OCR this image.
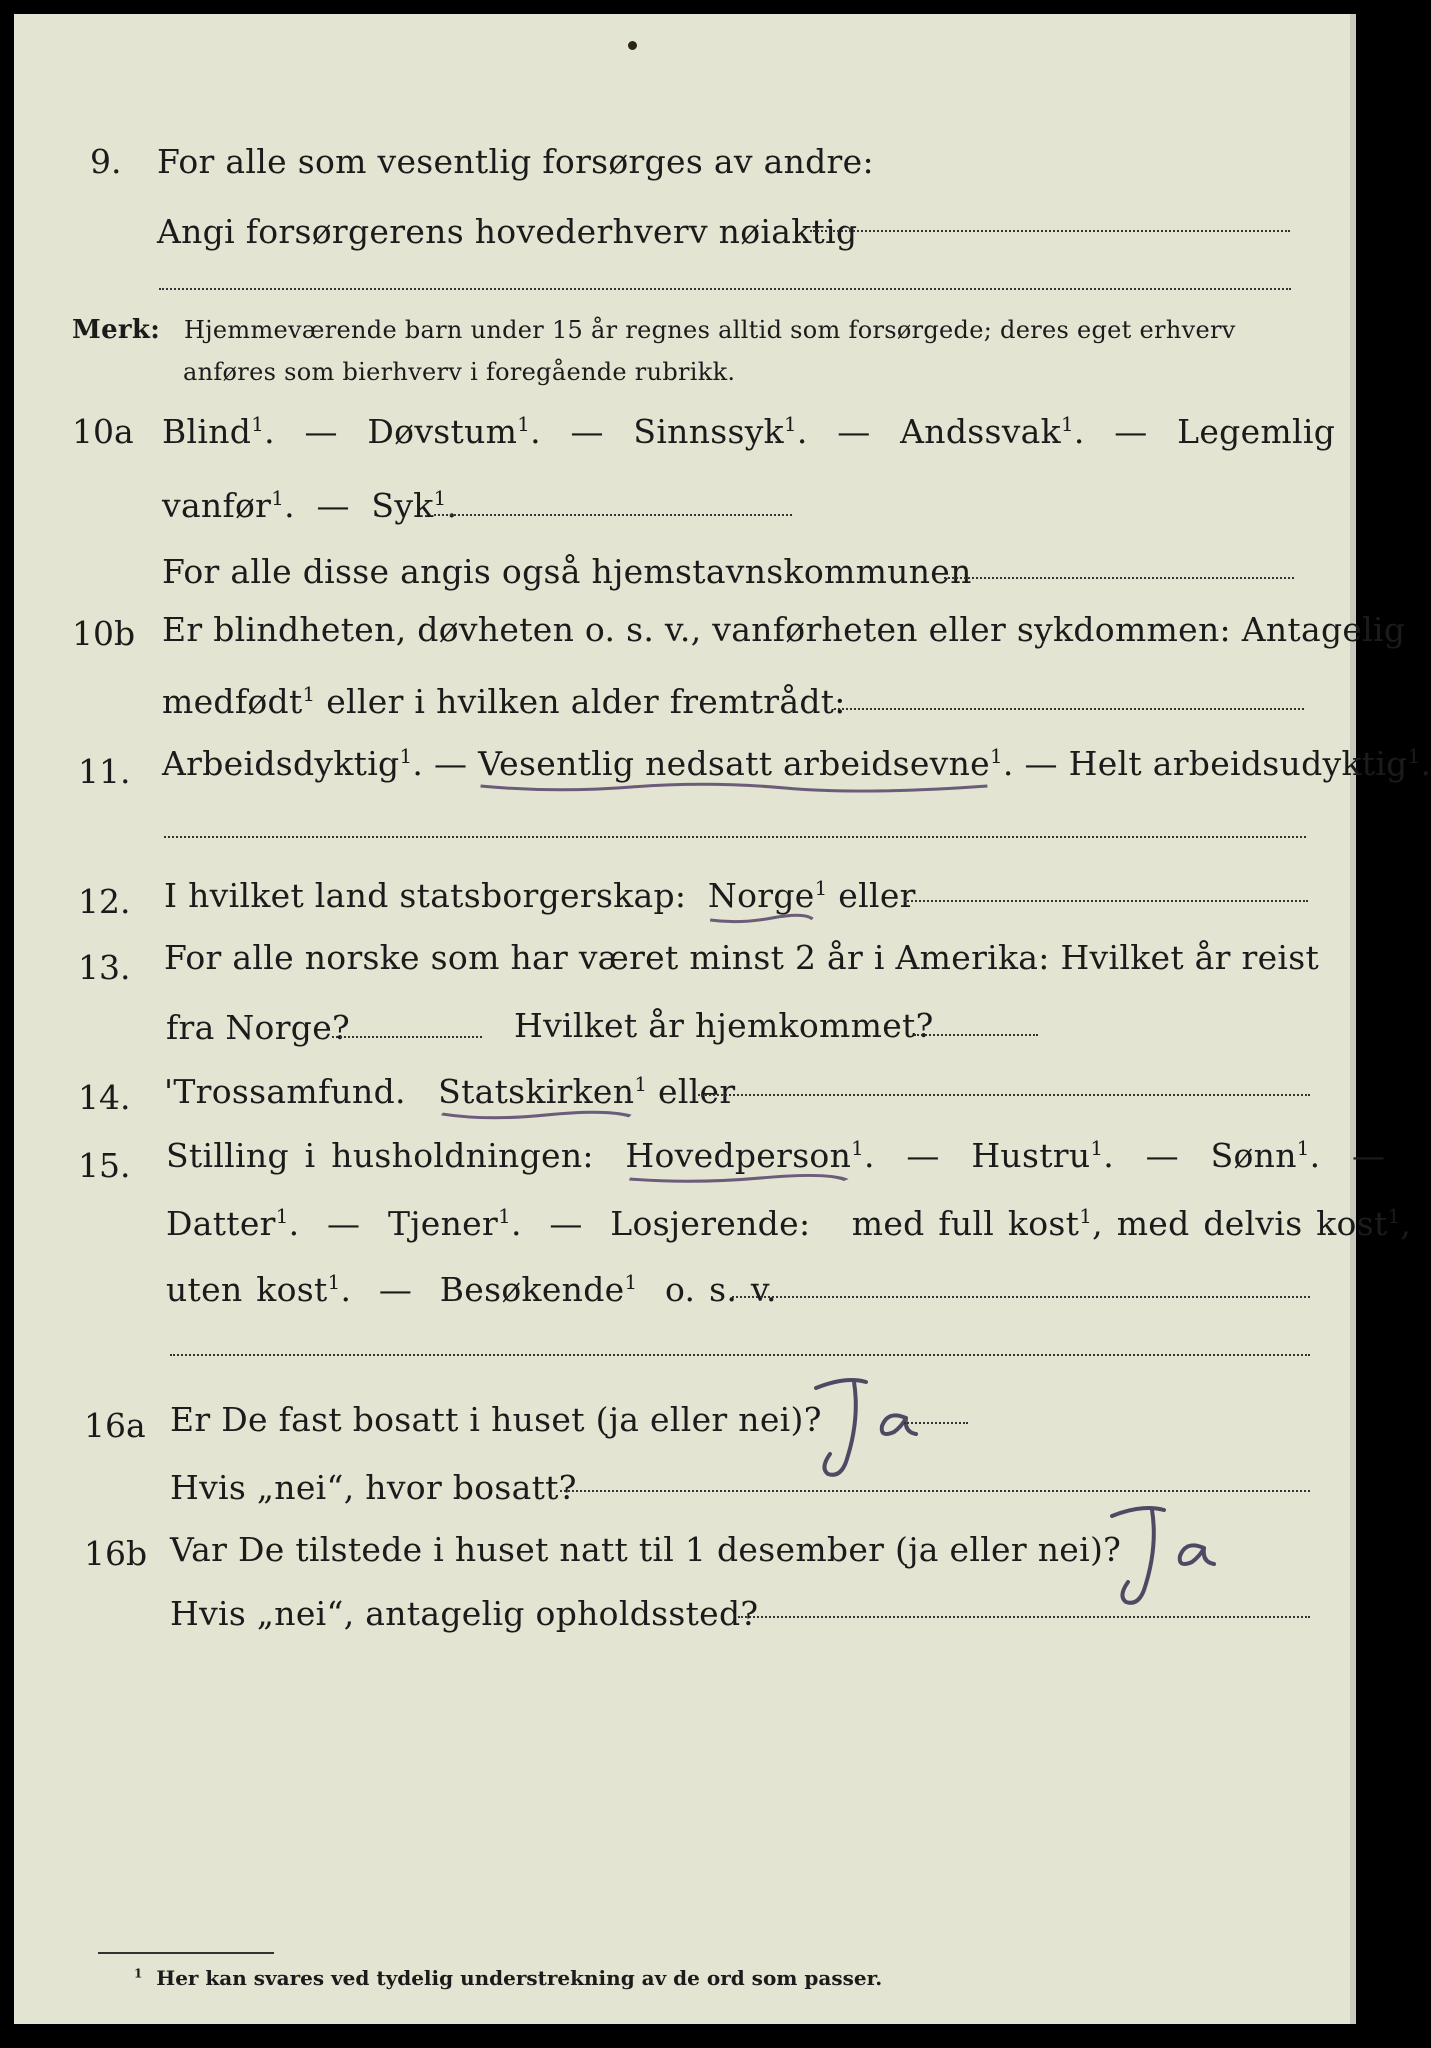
9. For alle som vesentlig forsørges av andre:
Angi forsørgerens hovederhverv nøiaktig
Merk: Hjemmeværende barn under 15 år regnes alltid som forsørgede; deres eget erhverv
anføres som bierhverv i foregående rubrikk.
10a Blind$^1$.  — Døvstum$^1$.  — Sinnssyk$^1$.  — Andssvak$^1$.  — Legemlig
vanfør$^1$.  — Syk$^1$.
For alle disse angis også hjemstavnskommunen
10b Er blindheten, døvheten o. s. v., vanførheten eller sykdommen: Antagelig
medfødt$^1$ eller i hvilken alder fremtrådt:
11. Arbeidsdyktig$^1$. — Vesentlig nedsatt arbeidsevne
$^1$. — Helt arbeidsudyktig$^1$.
12. I hvilket land statsborgerskap: Norge
$^1$ eller
13. For alle norske som har været minst 2 år i Amerika: Hvilket år reist
fra Norge?	Hvilket år hjemkommet?
14. 'Trossamfund. Statskirken
$^1$ eller
15. Stilling i husholdningen: Hovedperson
$^1$.  — Hustru$^1$.  — Sønn$^1$.  —
Datter$^1$.  — Tjener$^1$.  — Losjerende: med full kost$^1$, med delvis kost$^1$,
uten kost$^1$.  — Besøkende$^1$ o. s. v.
16a Er De fast bosatt i huset (ja eller nei)?
Ja
Hvis „nei“, hvor bosatt?
16b Var De tilstede i huset natt til 1 desember (ja eller nei)?
Ja
Hvis „nei“, antagelig opholdssted?
$^1$ Her kan svares ved tydelig understrekning av de ord som passer.
